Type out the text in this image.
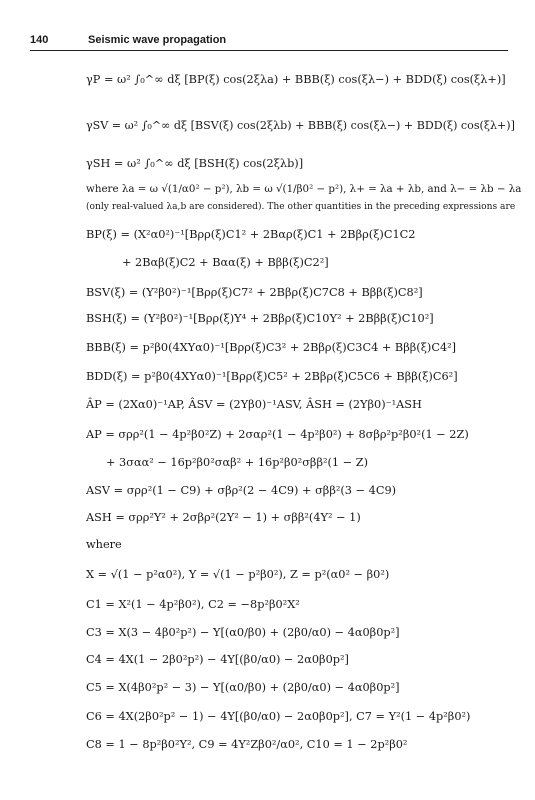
140	Seismic wave propagation
γP = ω² ∫₀^∞ dξ [BP(ξ) cos(2ξλa) + BBB(ξ) cos(ξλ−) + BDD(ξ) cos(ξλ+)]
γSV = ω² ∫₀^∞ dξ [BSV(ξ) cos(2ξλb) + BBB(ξ) cos(ξλ−) + BDD(ξ) cos(ξλ+)]
γSH = ω² ∫₀^∞ dξ [BSH(ξ) cos(2ξλb)]
where λa = ω √(1/α0² − p²), λb = ω √(1/β0² − p²), λ+ = λa + λb, and λ− = λb − λa
(only real-valued λa,b are considered). The other quantities in the preceding expressions are
BP(ξ) = (X²α0²)⁻¹[Bρρ(ξ)C1² + 2Bαρ(ξ)C1 + 2Bβρ(ξ)C1C2
+ 2Bαβ(ξ)C2 + Bαα(ξ) + Bββ(ξ)C2²]
BSV(ξ) = (Y²β0²)⁻¹[Bρρ(ξ)C7² + 2Bβρ(ξ)C7C8 + Bββ(ξ)C8²]
BSH(ξ) = (Y²β0²)⁻¹[Bρρ(ξ)Y⁴ + 2Bβρ(ξ)C10Y² + 2Bββ(ξ)C10²]
BBB(ξ) = p²β0(4XYα0)⁻¹[Bρρ(ξ)C3² + 2Bβρ(ξ)C3C4 + Bββ(ξ)C4²]
BDD(ξ) = p²β0(4XYα0)⁻¹[Bρρ(ξ)C5² + 2Bβρ(ξ)C5C6 + Bββ(ξ)C6²]
ÂP = (2Xα0)⁻¹AP, ÂSV = (2Yβ0)⁻¹ASV, ÂSH = (2Yβ0)⁻¹ASH
AP = σρρ²(1 − 4p²β0²Z) + 2σαρ²(1 − 4p²β0²) + 8σβρ²p²β0²(1 − 2Z)
+ 3σαα² − 16p²β0²σαβ² + 16p²β0²σββ²(1 − Z)
ASV = σρρ²(1 − C9) + σβρ²(2 − 4C9) + σββ²(3 − 4C9)
ASH = σρρ²Y² + 2σβρ²(2Y² − 1) + σββ²(4Y² − 1)
where
X = √(1 − p²α0²), Y = √(1 − p²β0²), Z = p²(α0² − β0²)
C1 = X²(1 − 4p²β0²), C2 = −8p²β0²X²
C3 = X(3 − 4β0²p²) − Y[(α0/β0) + (2β0/α0) − 4α0β0p²]
C4 = 4X(1 − 2β0²p²) − 4Y[(β0/α0) − 2α0β0p²]
C5 = X(4β0²p² − 3) − Y[(α0/β0) + (2β0/α0) − 4α0β0p²]
C6 = 4X(2β0²p² − 1) − 4Y[(β0/α0) − 2α0β0p²], C7 = Y²(1 − 4p²β0²)
C8 = 1 − 8p²β0²Y², C9 = 4Y²Zβ0²/α0², C10 = 1 − 2p²β0²
